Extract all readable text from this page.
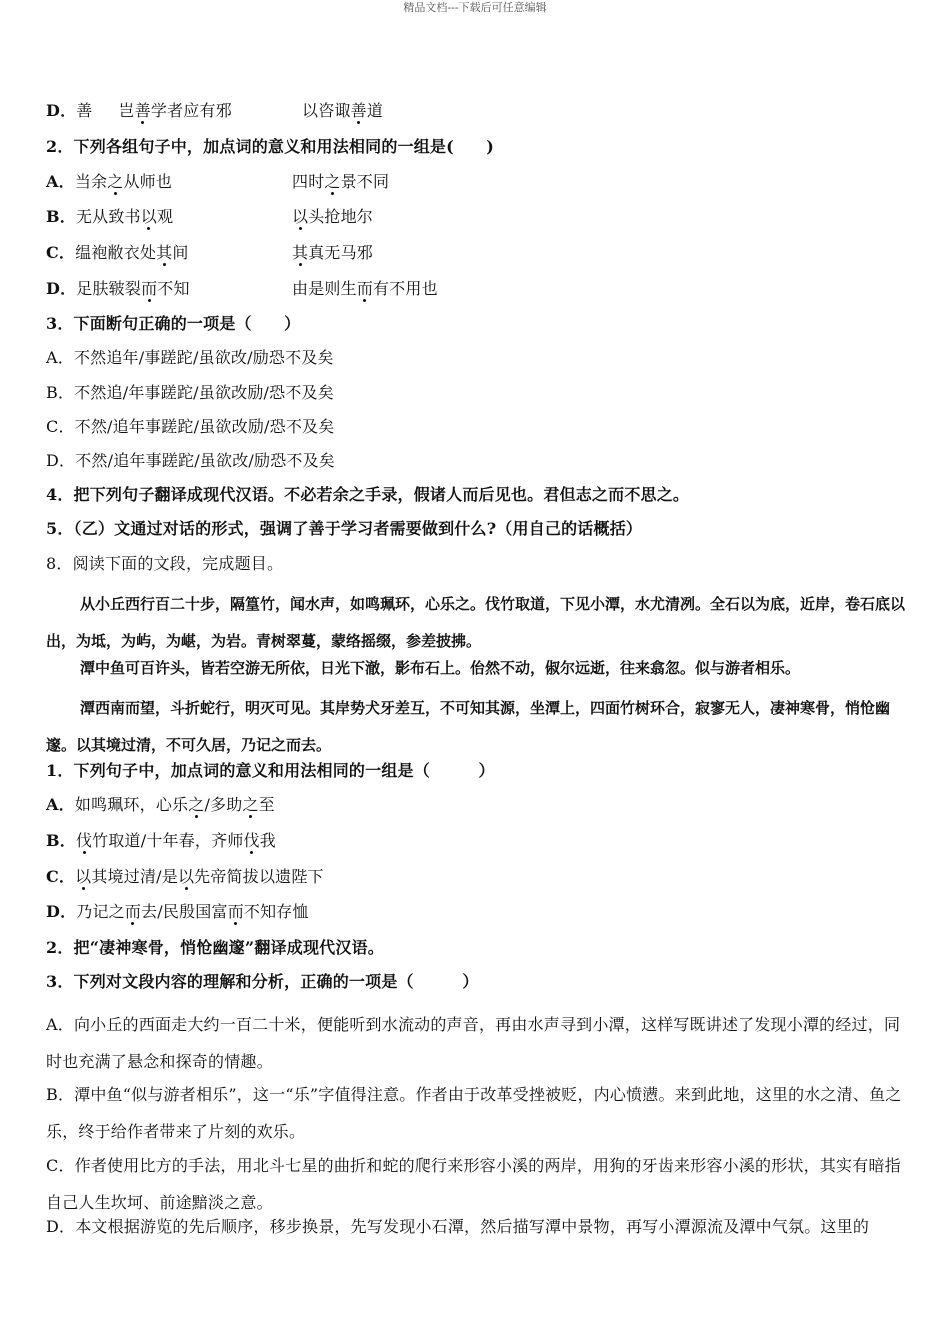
精品文档---下载后可任意编辑
D．善 岂善学者应有邪	以咨诹善道
2．下列各组句子中，加点词的意义和用法相同的一组是(　　)
A．当余之从师也	四时之景不同
B．无从致书以观	以头抢地尔
C．缊袍敝衣处其间	其真无马邪
D．足肤皲裂而不知	由是则生而有不用也
3．下面断句正确的一项是（　　）
A．不然追年/事蹉跎/虽欲改/励恐不及矣
B．不然追/年事蹉跎/虽欲改励/恐不及矣
C．不然/追年事蹉跎/虽欲改励/恐不及矣
D．不然/追年事蹉跎/虽欲改/励恐不及矣
4．把下列句子翻译成现代汉语。不必若余之手录，假诸人而后见也。君但志之而不思之。
5．（乙）文通过对话的形式，强调了善于学习者需要做到什么?（用自己的话概括）
8．阅读下面的文段，完成题目。
从小丘西行百二十步，隔篁竹，闻水声，如鸣珮环，心乐之。伐竹取道，下见小潭，水尤清冽。全石以为底，近岸，卷石底以出，为坻，为屿，为嵁，为岩。青树翠蔓，蒙络摇缀，参差披拂。
潭中鱼可百许头，皆若空游无所依，日光下澈，影布石上。佁然不动，俶尔远逝，往来翕忽。似与游者相乐。
潭西南而望，斗折蛇行，明灭可见。其岸势犬牙差互，不可知其源，坐潭上，四面竹树环合，寂寥无人，凄神寒骨，悄怆幽邃。以其境过清，不可久居，乃记之而去。
1．下列句子中，加点词的意义和用法相同的一组是（　　　）
A．如鸣珮环，心乐之/多助之至
B．伐竹取道/十年春，齐师伐我
C．以其境过清/是以先帝简拔以遗陛下
D．乃记之而去/民殷国富而不知存恤
2．把“凄神寒骨，悄怆幽邃”翻译成现代汉语。
3．下列对文段内容的理解和分析，正确的一项是（　　　）
A．向小丘的西面走大约一百二十米，便能听到水流动的声音，再由水声寻到小潭，这样写既讲述了发现小潭的经过，同时也充满了悬念和探奇的情趣。
B．潭中鱼“似与游者相乐”，这一“乐”字值得注意。作者由于改革受挫被贬，内心愤懑。来到此地，这里的水之清、鱼之乐，终于给作者带来了片刻的欢乐。
C．作者使用比方的手法，用北斗七星的曲折和蛇的爬行来形容小溪的两岸，用狗的牙齿来形容小溪的形状，其实有暗指自己人生坎坷、前途黯淡之意。
D．本文根据游览的先后顺序，移步换景，先写发现小石潭，然后描写潭中景物，再写小潭源流及潭中气氛。这里的
